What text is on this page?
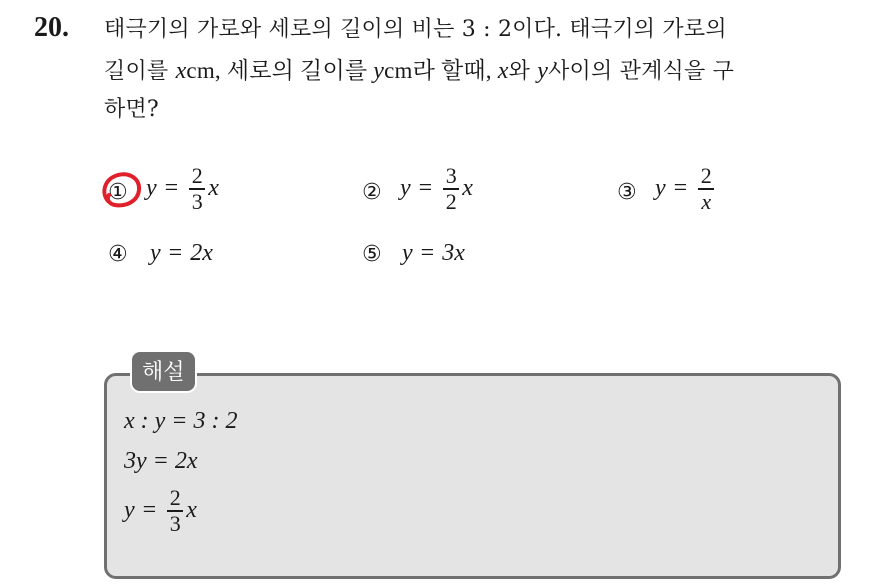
20. 태극기의 가로와 세로의 길이의 비는 3 : 2이다. 태극기의 가로의
길이를 xcm, 세로의 길이를 ycm라 할때, x와 y사이의 관계식을 구
하면?
① $y = \frac{2}{3}$ x	② $y = \frac{3}{2}$ x	③ $y = \frac{2}{x}$
④ y = 2x	⑤ y = 3x
해설
x : y = 3 : 2
3y = 2x
$y = \frac{2}{3}$ x
